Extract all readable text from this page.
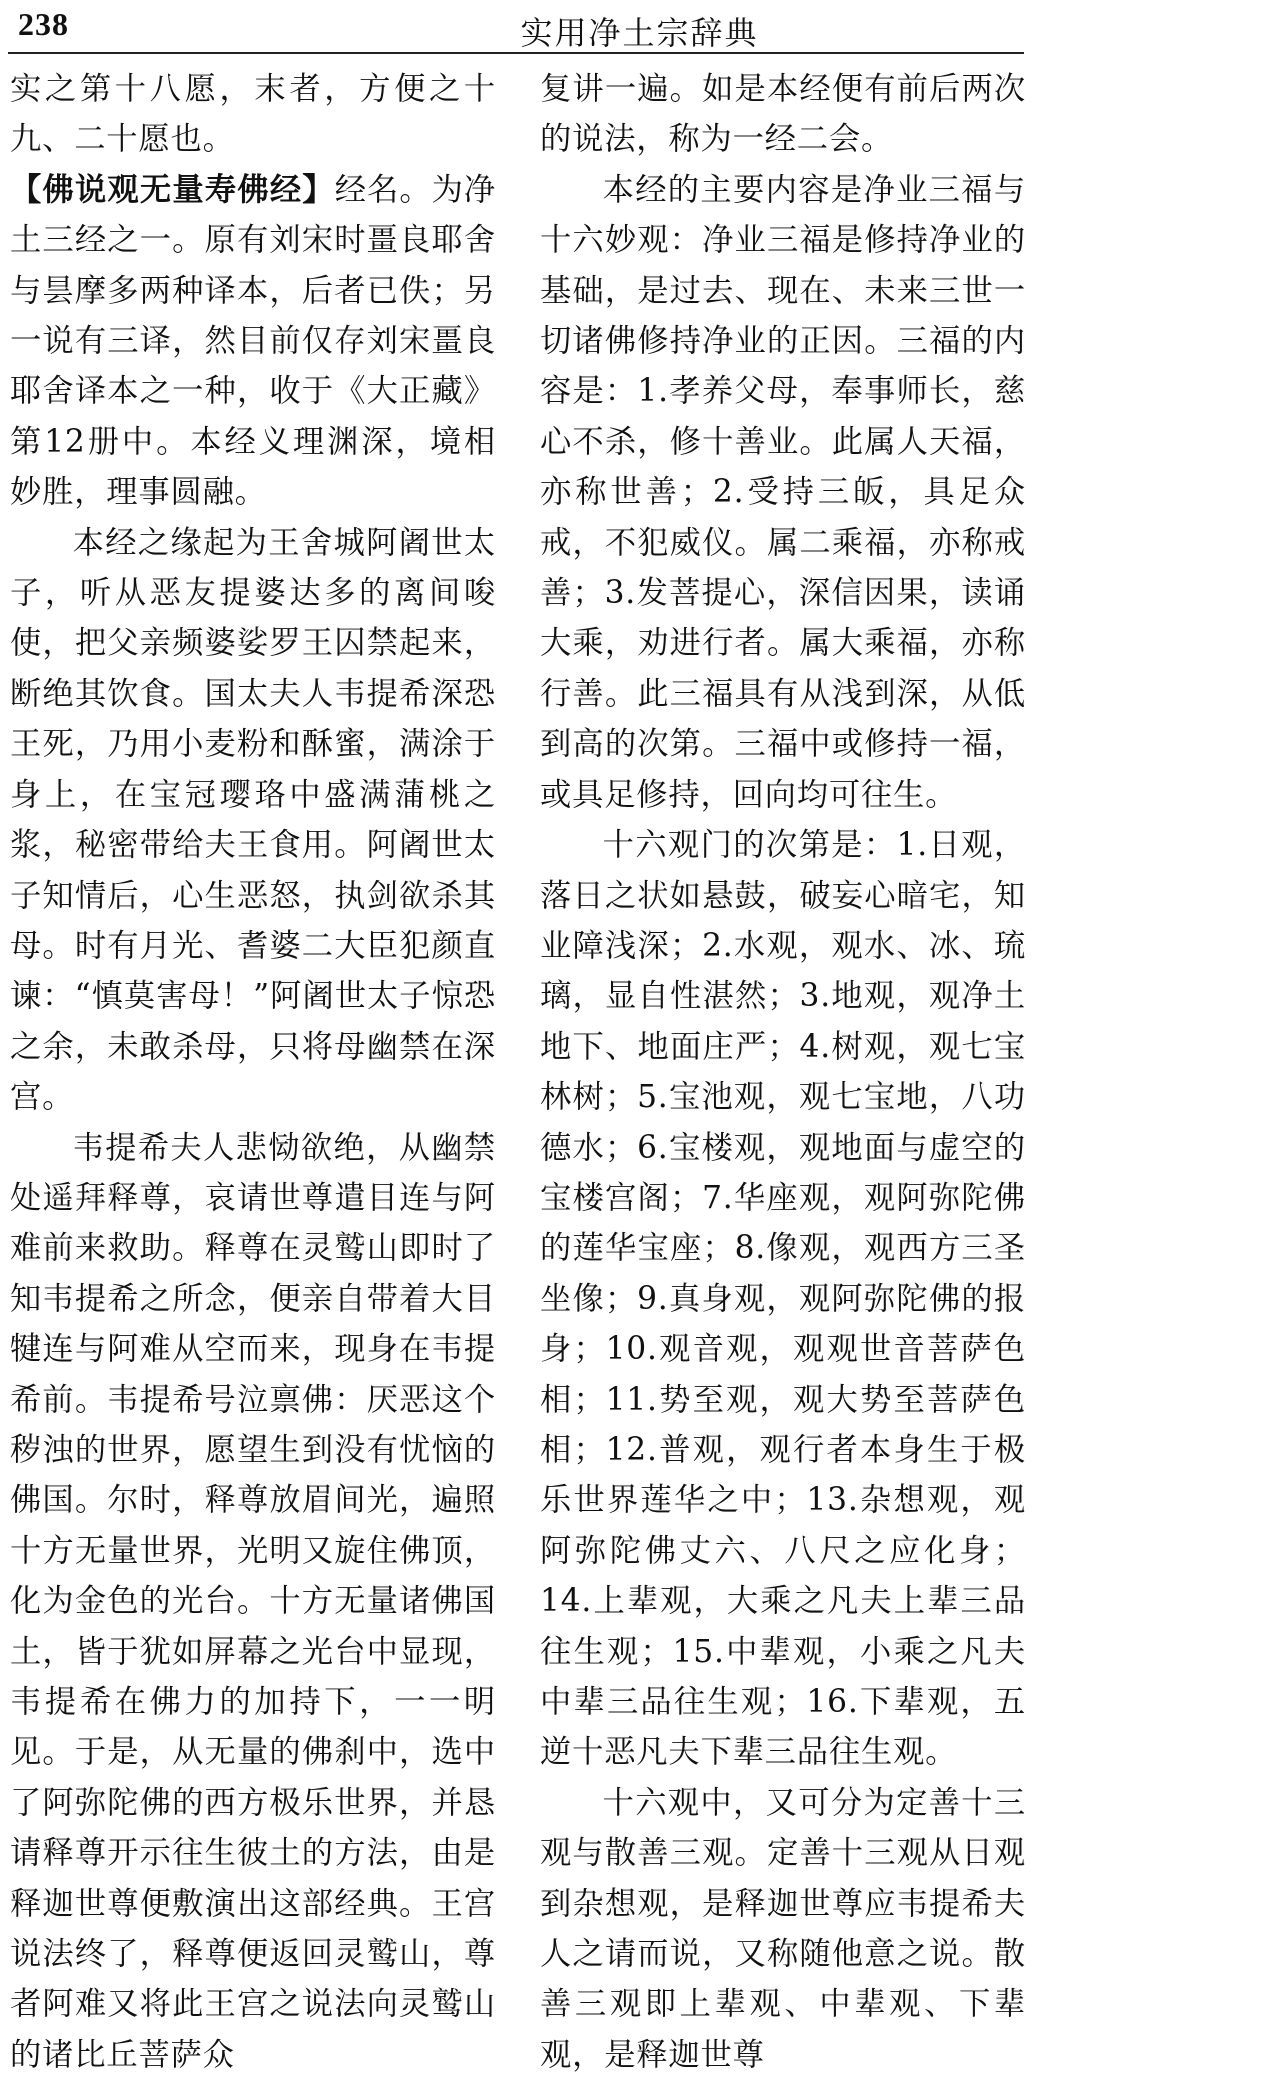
238	实用净土宗辞典

实之第十八愿，末者，方便之十九、二十愿也。

【佛说观无量寿佛经】经名。为净土三经之一。原有刘宋时畺良耶舍与昙摩多两种译本，后者已佚；另一说有三译，然目前仅存刘宋畺良耶舍译本之一种，收于《大正藏》第12册中。本经义理渊深，境相妙胜，理事圆融。

本经之缘起为王舍城阿阇世太子，听从恶友提婆达多的离间唆使，把父亲频婆娑罗王囚禁起来，断绝其饮食。国太夫人韦提希深恐王死，乃用小麦粉和酥蜜，满涂于身上，在宝冠璎珞中盛满蒲桃之浆，秘密带给夫王食用。阿阇世太子知情后，心生恶怒，执剑欲杀其母。时有月光、耆婆二大臣犯颜直谏：“慎莫害母！”阿阇世太子惊恐之余，未敢杀母，只将母幽禁在深宫。

韦提希夫人悲恸欲绝，从幽禁处遥拜释尊，哀请世尊遣目连与阿难前来救助。释尊在灵鹫山即时了知韦提希之所念，便亲自带着大目犍连与阿难从空而来，现身在韦提希前。韦提希号泣禀佛：厌恶这个秽浊的世界，愿望生到没有忧恼的佛国。尔时，释尊放眉间光，遍照十方无量世界，光明又旋住佛顶，化为金色的光台。十方无量诸佛国土，皆于犹如屏幕之光台中显现，韦提希在佛力的加持下，一一明见。于是，从无量的佛刹中，选中了阿弥陀佛的西方极乐世界，并恳请释尊开示往生彼土的方法，由是释迦世尊便敷演出这部经典。王宫说法终了，释尊便返回灵鹫山，尊者阿难又将此王宫之说法向灵鹫山的诸比丘菩萨众

复讲一遍。如是本经便有前后两次的说法，称为一经二会。

本经的主要内容是净业三福与十六妙观：净业三福是修持净业的基础，是过去、现在、未来三世一切诸佛修持净业的正因。三福的内容是：1.孝养父母，奉事师长，慈心不杀，修十善业。此属人天福，亦称世善；2.受持三皈，具足众戒，不犯威仪。属二乘福，亦称戒善；3.发菩提心，深信因果，读诵大乘，劝进行者。属大乘福，亦称行善。此三福具有从浅到深，从低到高的次第。三福中或修持一福，或具足修持，回向均可往生。

十六观门的次第是：1.日观，落日之状如悬鼓，破妄心暗宅，知业障浅深；2.水观，观水、冰、琉璃，显自性湛然；3.地观，观净土地下、地面庄严；4.树观，观七宝林树；5.宝池观，观七宝地，八功德水；6.宝楼观，观地面与虚空的宝楼宫阁；7.华座观，观阿弥陀佛的莲华宝座；8.像观，观西方三圣坐像；9.真身观，观阿弥陀佛的报身；10.观音观，观观世音菩萨色相；11.势至观，观大势至菩萨色相；12.普观，观行者本身生于极乐世界莲华之中；13.杂想观，观阿弥陀佛丈六、八尺之应化身；14.上辈观，大乘之凡夫上辈三品往生观；15.中辈观，小乘之凡夫中辈三品往生观；16.下辈观，五逆十恶凡夫下辈三品往生观。

十六观中，又可分为定善十三观与散善三观。定善十三观从日观到杂想观，是释迦世尊应韦提希夫人之请而说，又称随他意之说。散善三观即上辈观、中辈观、下辈观，是释迦世尊
